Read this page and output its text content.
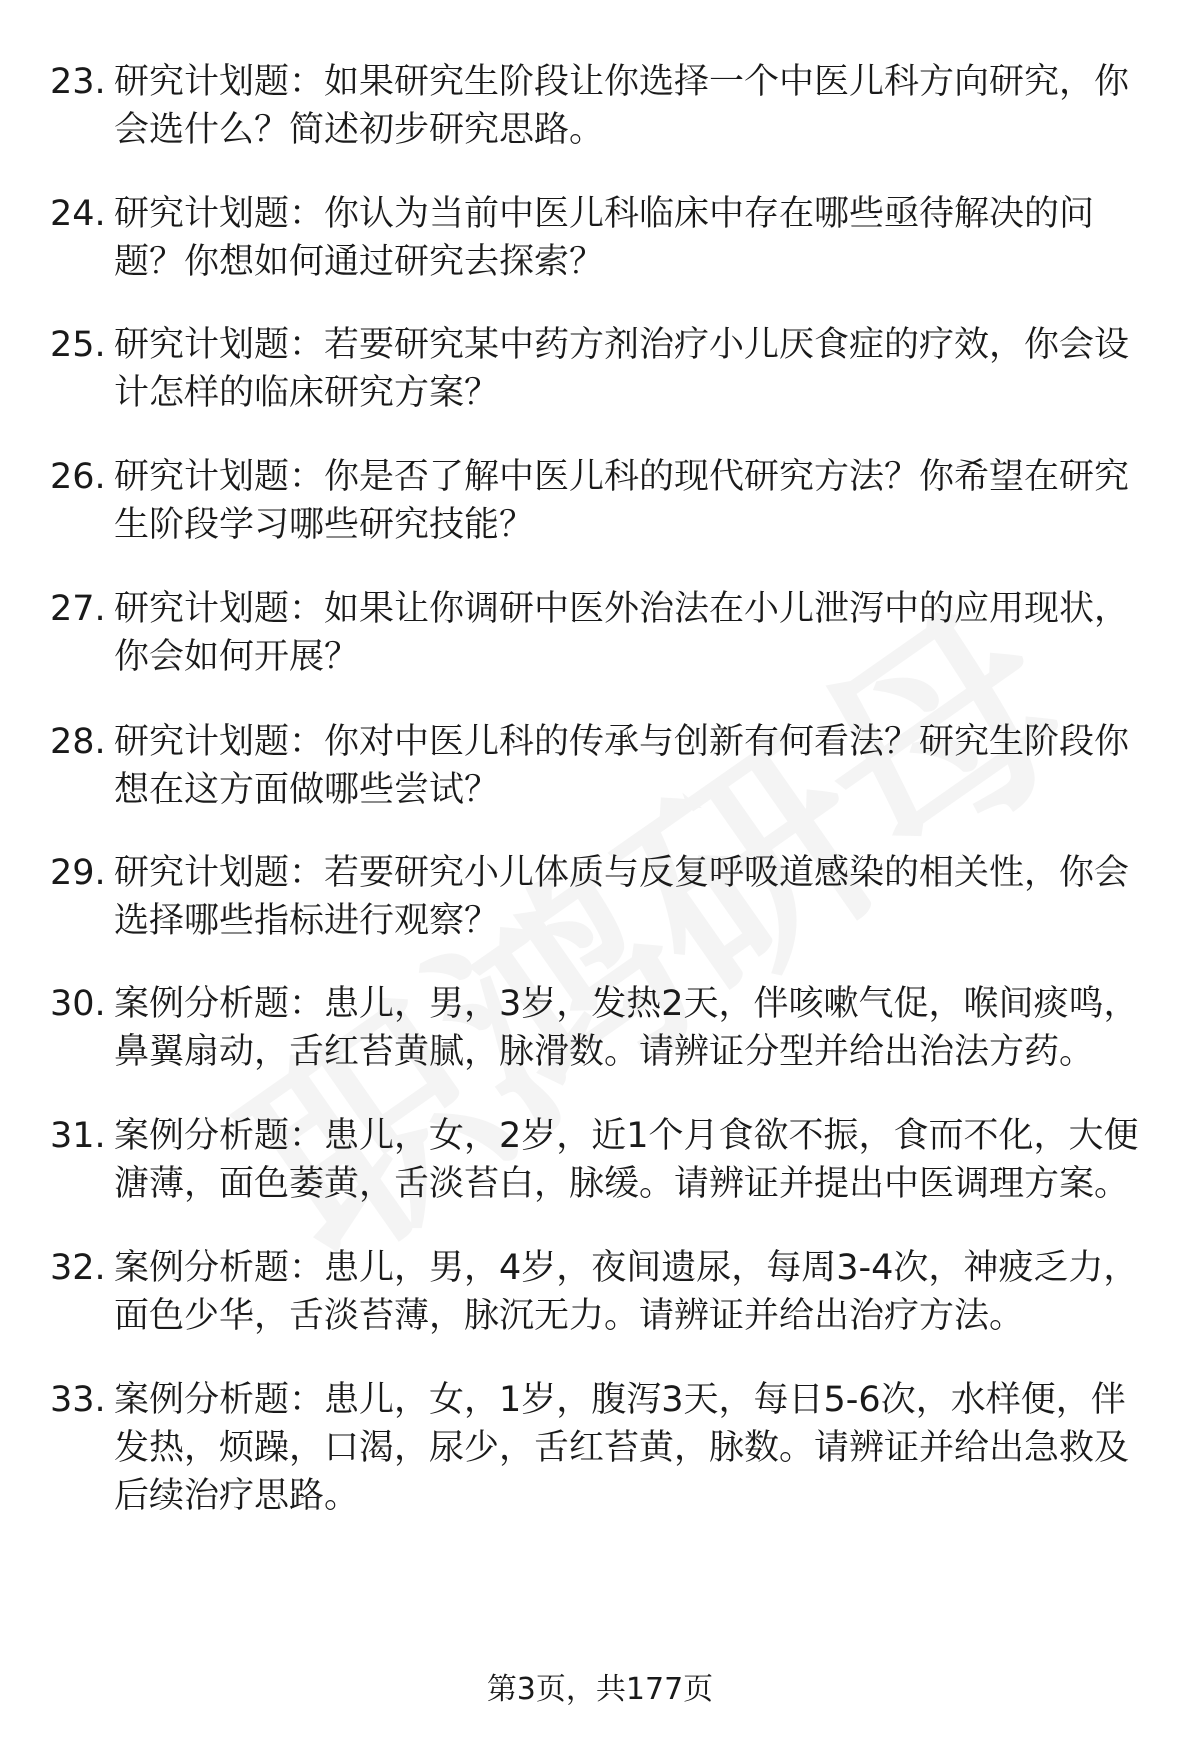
23. 研究计划题：如果研究生阶段让你选择一个中医儿科方向研究，你会选什么？简述初步研究思路。
24. 研究计划题：你认为当前中医儿科临床中存在哪些亟待解决的问题？你想如何通过研究去探索？
25. 研究计划题：若要研究某中药方剂治疗小儿厌食症的疗效，你会设计怎样的临床研究方案？
26. 研究计划题：你是否了解中医儿科的现代研究方法？你希望在研究生阶段学习哪些研究技能？
27. 研究计划题：如果让你调研中医外治法在小儿泄泻中的应用现状，你会如何开展？
28. 研究计划题：你对中医儿科的传承与创新有何看法？研究生阶段你想在这方面做哪些尝试？
29. 研究计划题：若要研究小儿体质与反复呼吸道感染的相关性，你会选择哪些指标进行观察？
30. 案例分析题：患儿，男，3岁，发热2天，伴咳嗽气促，喉间痰鸣，鼻翼扇动，舌红苔黄腻，脉滑数。请辨证分型并给出治法方药。
31. 案例分析题：患儿，女，2岁，近1个月食欲不振，食而不化，大便溏薄，面色萎黄，舌淡苔白，脉缓。请辨证并提出中医调理方案。
32. 案例分析题：患儿，男，4岁，夜间遗尿，每周3-4次，神疲乏力，面色少华，舌淡苔薄，脉沉无力。请辨证并给出治疗方法。
33. 案例分析题：患儿，女，1岁，腹泻3天，每日5-6次，水样便，伴发热，烦躁，口渴，尿少，舌红苔黄，脉数。请辨证并给出急救及后续治疗思路。
第3页，共177页
